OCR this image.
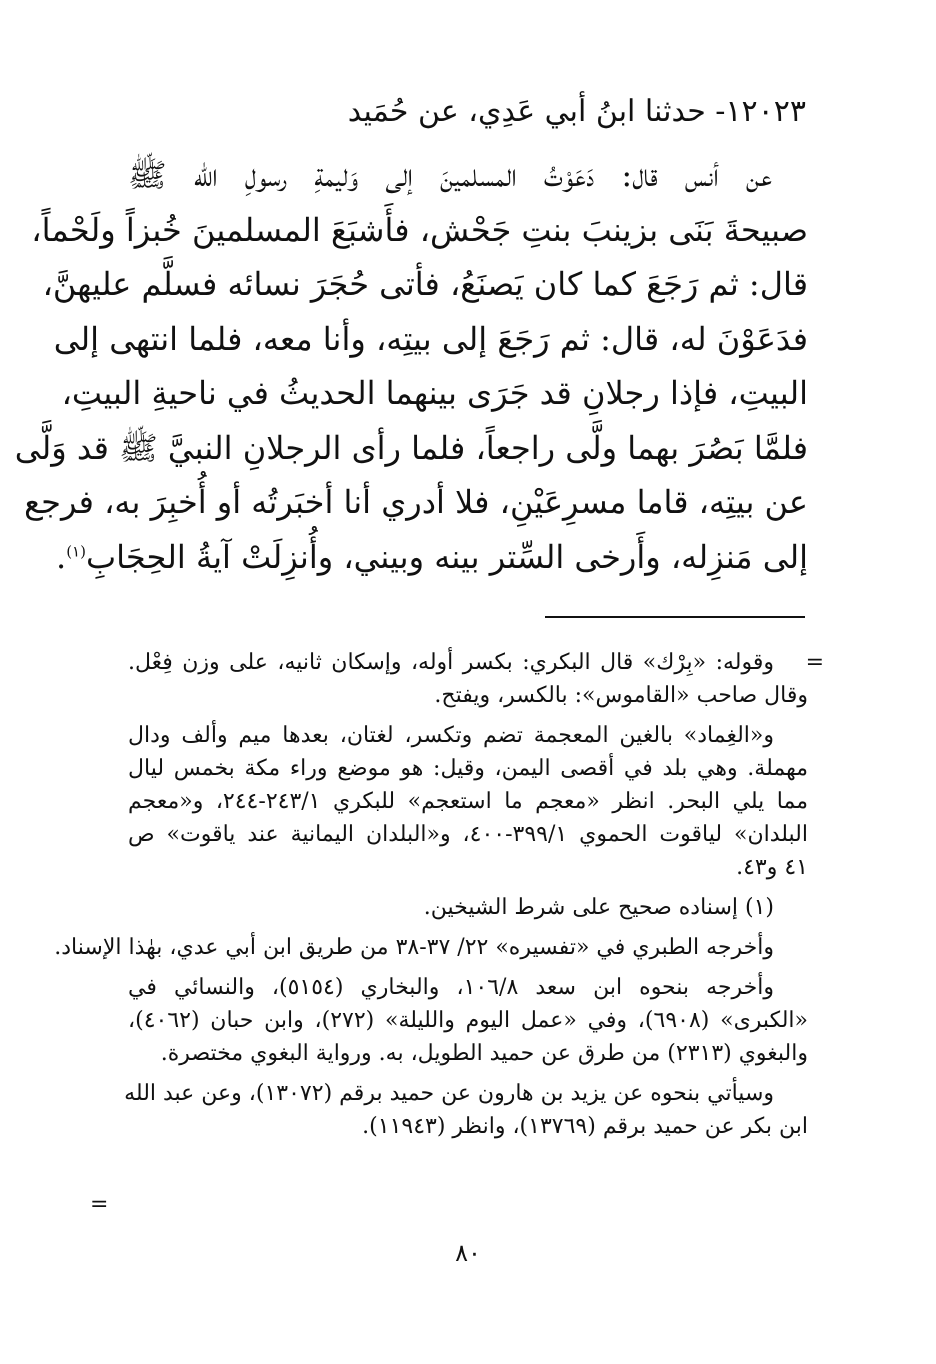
١٢٠٢٣- حدثنا ابنُ أبي عَدِي، عن حُمَيد
عن أنس قال: دَعَوْتُ المسلمينَ إلى وَليمةِ رسولِ الله ﷺ
صبيحةَ بَنَى بزينبَ بنتِ جَحْش، فأَشبَعَ المسلمينَ خُبزاً ولَحْماً،
قال: ثم رَجَعَ كما كان يَصنَعُ، فأتى حُجَرَ نسائه فسلَّم عليهنَّ،
فدَعَوْنَ له، قال: ثم رَجَعَ إلى بيتِه، وأنا معه، فلما انتهى إلى
البيتِ، فإذا رجلانِ قد جَرَى بينهما الحديثُ في ناحيةِ البيتِ،
فلمَّا بَصُرَ بهما ولَّى راجعاً، فلما رأى الرجلانِ النبيَّ ﷺ قد وَلَّى
عن بيتِه، قاما مسرِعَيْنِ، فلا أدري أنا أخبَرتُه أو أُخبِرَ به، فرجع
إلى مَنزِله، وأَرخى السِّتر بينه وبيني، وأُنزِلَتْ آيةُ الحِجَابِ$^{(١)}$.
=
وقوله: «بِرْك» قال البكري: بكسر أوله، وإسكان ثانيه، على وزن فِعْل.
وقال صاحب «القاموس»: بالكسر، ويفتح.
و«الغِماد» بالغين المعجمة تضم وتكسر، لغتان، بعدها ميم وألف ودال
مهملة. وهي بلد في أقصى اليمن، وقيل: هو موضع وراء مكة بخمس ليال
مما يلي البحر. انظر «معجم ما استعجم» للبكري ٢٤٣/١-٢٤٤، و«معجم
البلدان» لياقوت الحموي ٣٩٩/١-٤٠٠، و«البلدان اليمانية عند ياقوت» ص
٤١ و٤٣.
(١) إسناده صحيح على شرط الشيخين.
وأخرجه الطبري في «تفسيره» ٢٢/ ٣٧-٣٨ من طريق ابن أبي عدي، بهٰذا الإسناد.
وأخرجه بنحوه ابن سعد ١٠٦/٨، والبخاري (٥١٥٤)، والنسائي في
«الكبرى» (٦٩٠٨)، وفي «عمل اليوم والليلة» (٢٧٢)، وابن حبان (٤٠٦٢)،
والبغوي (٢٣١٣) من طرق عن حميد الطويل، به. ورواية البغوي مختصرة.
وسيأتي بنحوه عن يزيد بن هارون عن حميد برقم (١٣٠٧٢)، وعن عبد الله
ابن بكر عن حميد برقم (١٣٧٦٩)، وانظر (١١٩٤٣).
=
٨٠
